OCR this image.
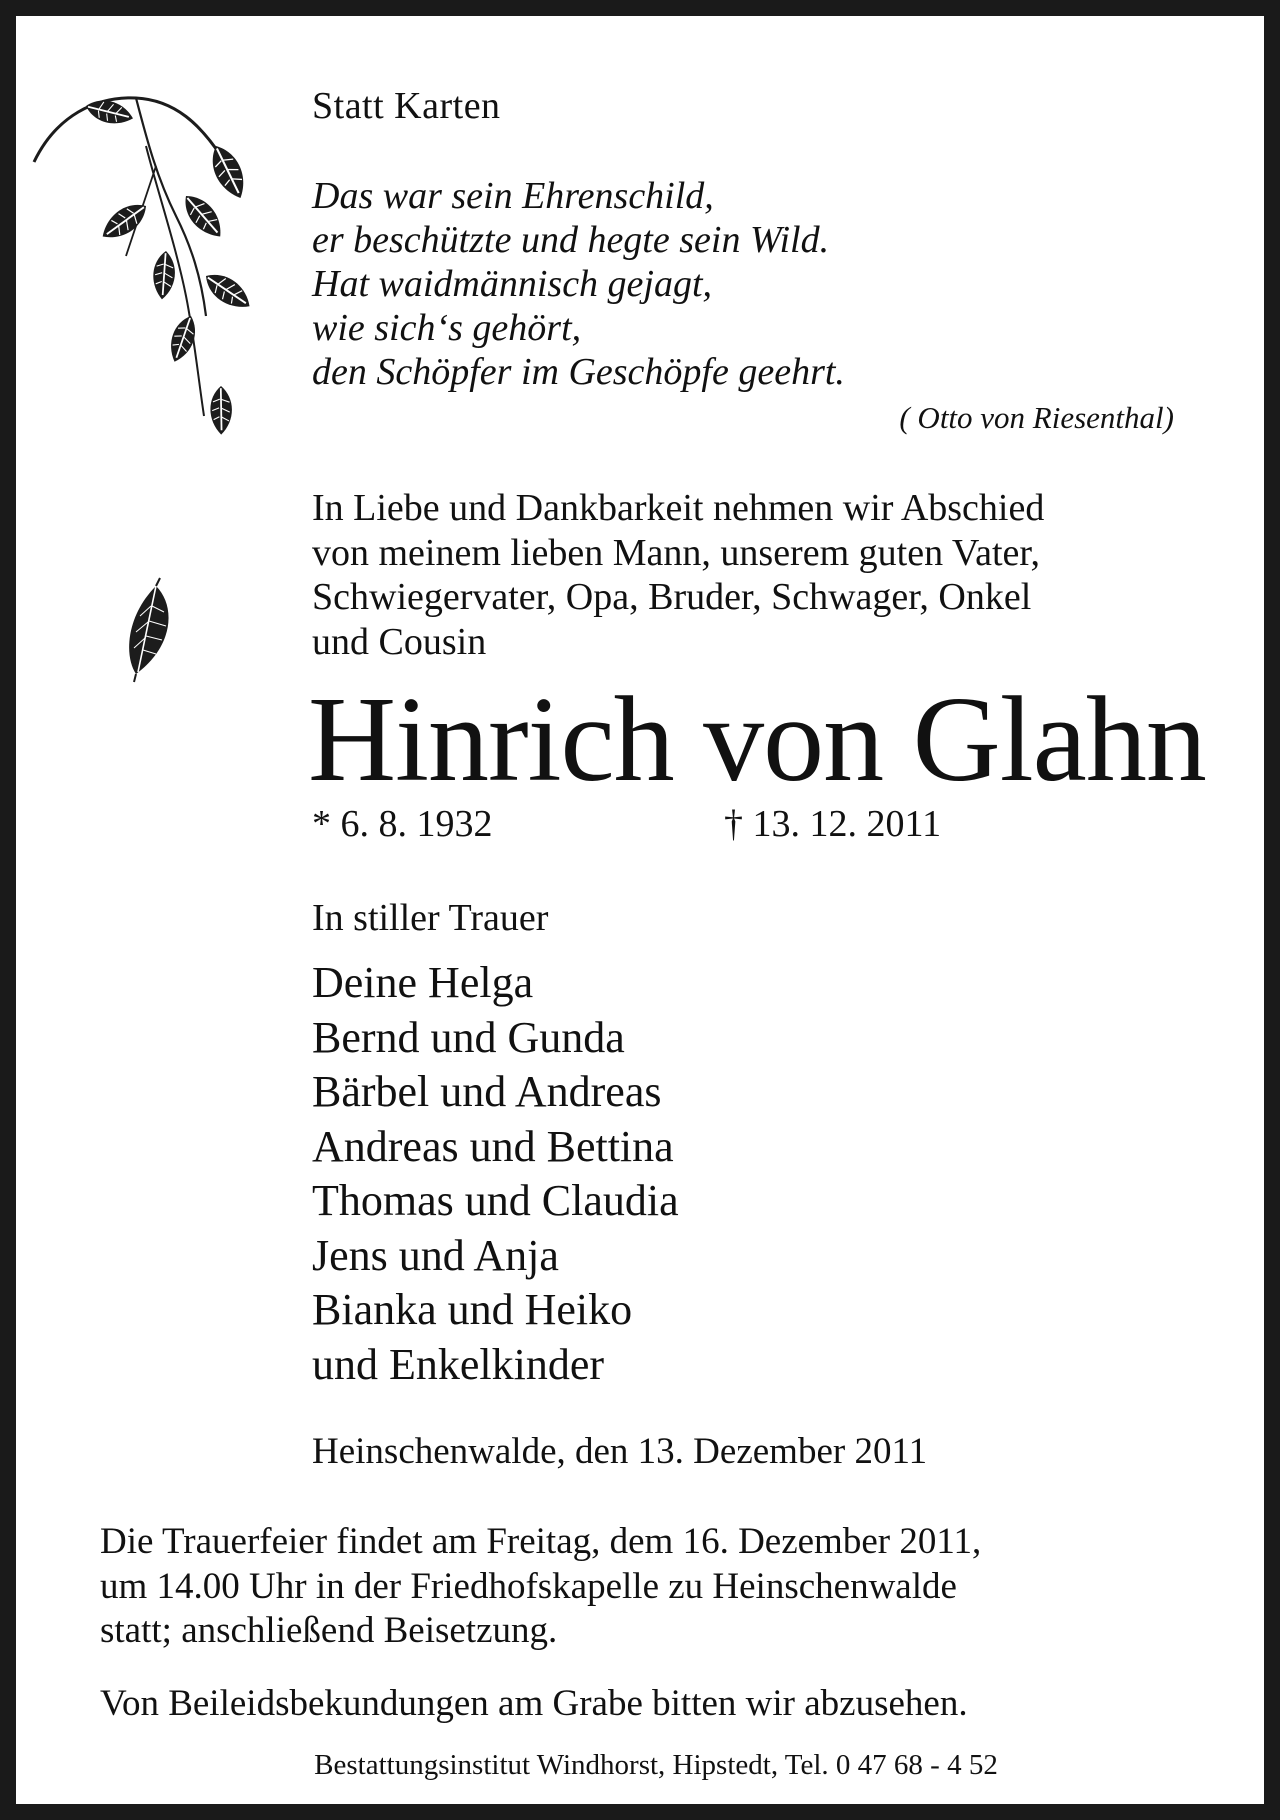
Statt Karten
Das war sein Ehrenschild,
er beschützte und hegte sein Wild.
Hat waidmännisch gejagt,
wie sich‘s gehört,
den Schöpfer im Geschöpfe geehrt.
( Otto von Riesenthal)
In Liebe und Dankbarkeit nehmen wir Abschied
von meinem lieben Mann, unserem guten Vater,
Schwiegervater, Opa, Bruder, Schwager, Onkel
und Cousin
Hinrich von Glahn
* 6. 8. 1932	† 13. 12. 2011
In stiller Trauer
Deine Helga
Bernd und Gunda
Bärbel und Andreas
Andreas und Bettina
Thomas und Claudia
Jens und Anja
Bianka und Heiko
und Enkelkinder
Heinschenwalde, den 13. Dezember 2011
Die Trauerfeier findet am Freitag, dem 16. Dezember 2011,
um 14.00 Uhr in der Friedhofskapelle zu Heinschenwalde
statt; anschließend Beisetzung.
Von Beileidsbekundungen am Grabe bitten wir abzusehen.
Bestattungsinstitut Windhorst, Hipstedt, Tel. 0 47 68 - 4 52
